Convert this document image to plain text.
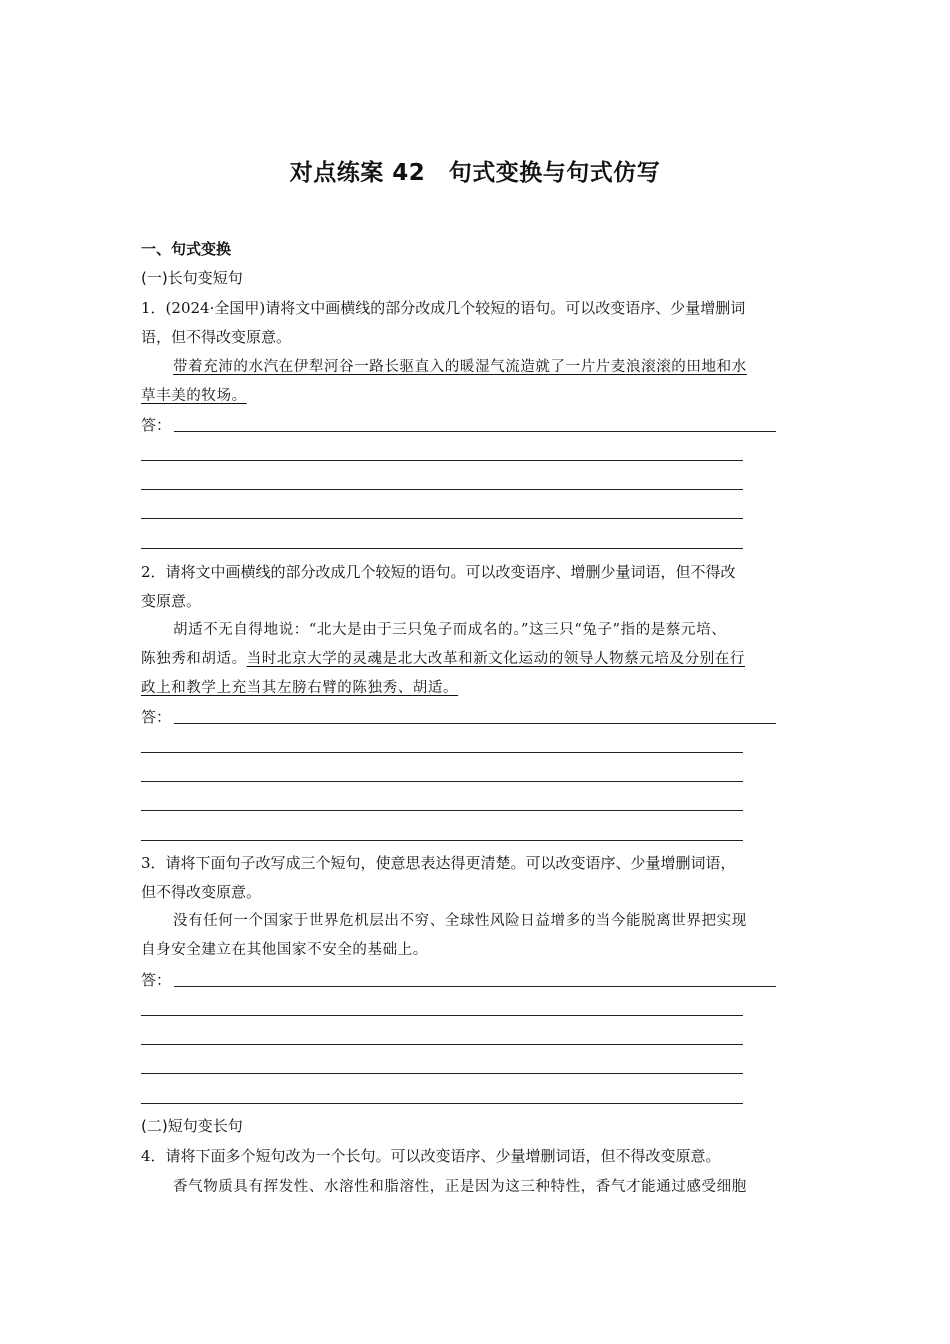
对点练案 42　句式变换与句式仿写
一、句式变换
(一)长句变短句
1．(2024·全国甲)请将文中画横线的部分改成几个较短的语句。可以改变语序、少量增删词
语，但不得改变原意。
带着充沛的水汽在伊犁河谷一路长驱直入的暖湿气流造就了一片片麦浪滚滚的田地和水
草丰美的牧场。
答：
2．请将文中画横线的部分改成几个较短的语句。可以改变语序、增删少量词语，但不得改
变原意。
胡适不无自得地说：“北大是由于三只兔子而成名的。”这三只“兔子”指的是蔡元培、
陈独秀和胡适。当时北京大学的灵魂是北大改革和新文化运动的领导人物蔡元培及分别在行
政上和教学上充当其左膀右臂的陈独秀、胡适。
答：
3．请将下面句子改写成三个短句，使意思表达得更清楚。可以改变语序、少量增删词语，
但不得改变原意。
没有任何一个国家于世界危机层出不穷、全球性风险日益增多的当今能脱离世界把实现
自身安全建立在其他国家不安全的基础上。
答：
(二)短句变长句
4．请将下面多个短句改为一个长句。可以改变语序、少量增删词语，但不得改变原意。
香气物质具有挥发性、水溶性和脂溶性，正是因为这三种特性，香气才能通过感受细胞
